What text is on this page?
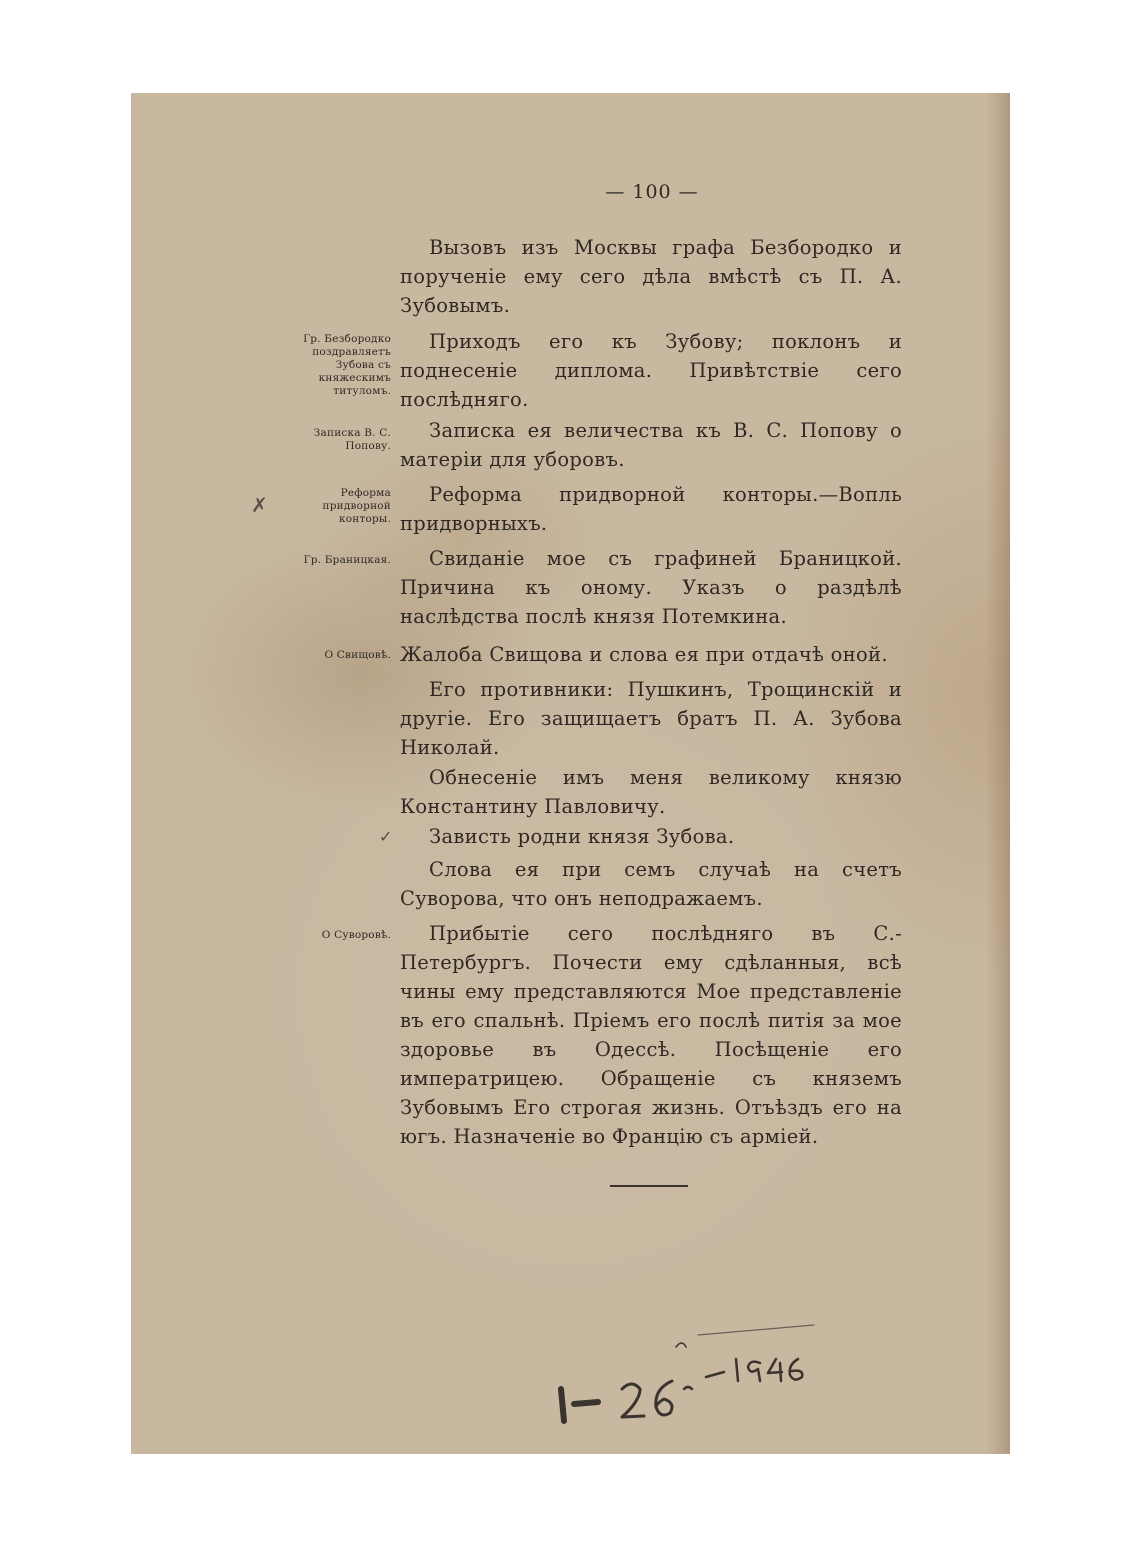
— 100 —

Вызовъ изъ Москвы графа Безбородко и порученіе ему сего дѣла вмѣстѣ съ П. А. Зубовымъ.

Приходъ его къ Зубову; поклонъ и поднесеніе диплома. Привѣтствіе сего послѣдняго.

Записка ея величества къ В. С. Попову о матеріи для уборовъ.

Реформа придворной конторы.—Вопль придворныхъ.

Свиданіе мое съ графиней Браницкой. Причина къ оному. Указъ о раздѣлѣ наслѣдства послѣ князя Потемкина.

Жалоба Свищова и слова ея при отдачѣ оной.

Его противники: Пушкинъ, Трощинскій и другіе. Его защищаетъ братъ П. А. Зубова Николай.

Обнесеніе имъ меня великому князю Константину Павловичу.

Зависть родни князя Зубова.

Слова ея при семъ случаѣ на счетъ Суворова, что онъ неподражаемъ.

Прибытіе сего послѣдняго въ С.-Петербургъ. Почести ему сдѣланныя, всѣ чины ему представляются Мое представленіе въ его спальнѣ. Пріемъ его послѣ питія за мое здоровье въ Одессѣ. Посѣщеніе его императрицею. Обращеніе съ княземъ Зубовымъ Его строгая жизнь. Отъѣздъ его на югъ. Назначеніе во Францію съ арміей.

Гр. Безбородко поздравляетъ Зубова съ княжескимъ титуломъ.
Записка В. С. Попову.
Реформа придворной конторы.
Гр. Браницкая.
О Свищовѣ.
О Суворовѣ.
✗
✓
